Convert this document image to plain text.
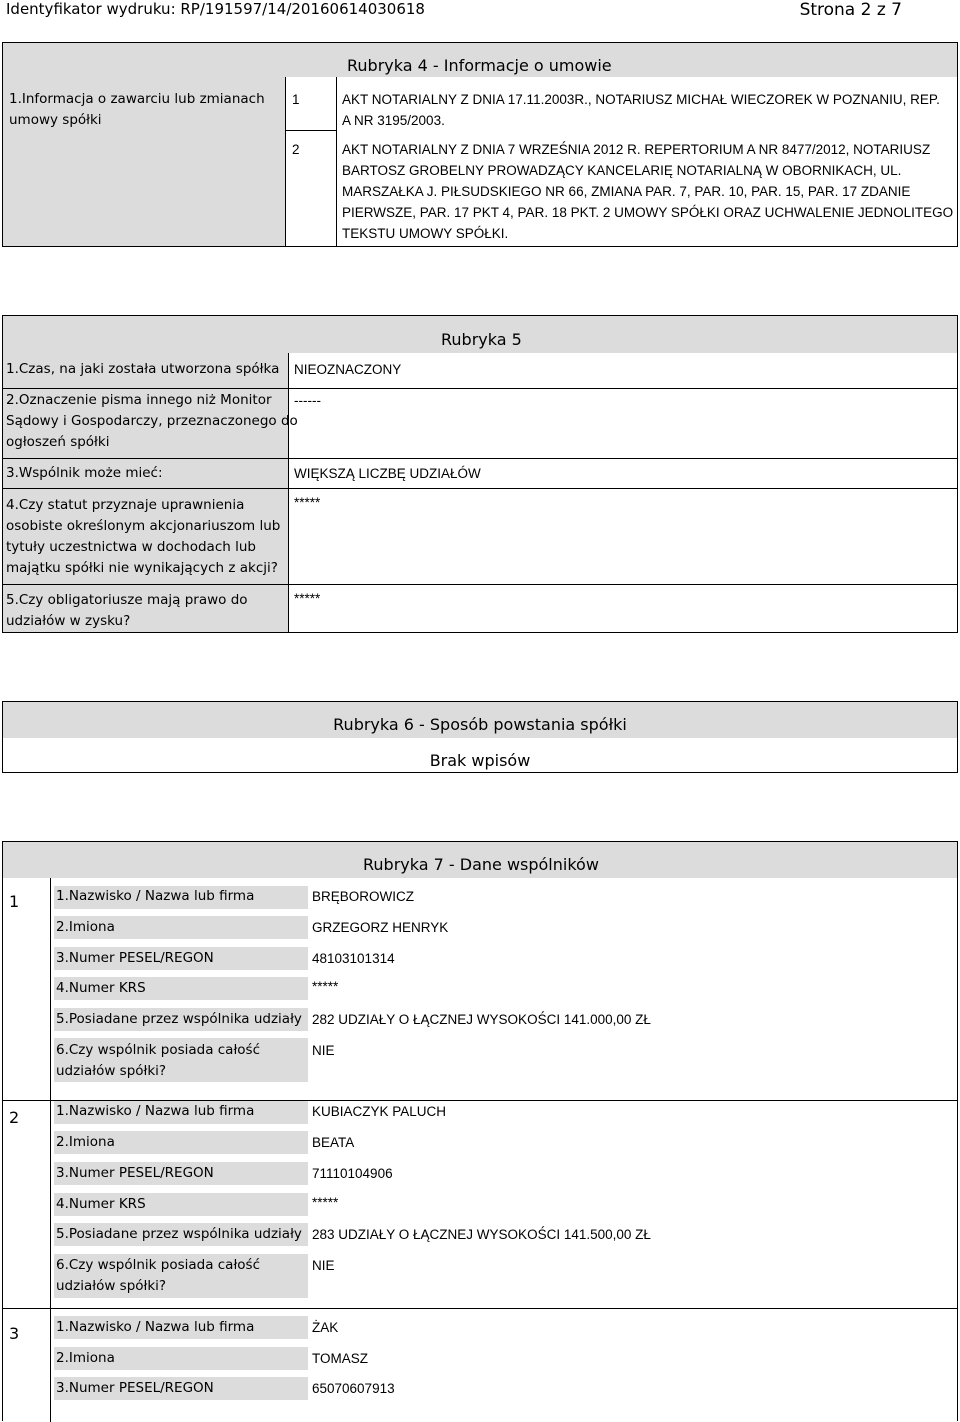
Identyfikator wydruku: RP/191597/14/20160614030618	Strona 2 z 7
Rubryka 4 - Informacje o umowie
1.Informacja o zawarciu lub zmianach umowy spółki
1	AKT NOTARIALNY Z DNIA 17.11.2003R., NOTARIUSZ MICHAŁ WIECZOREK W POZNANIU, REP.
A NR 3195/2003.
2	AKT NOTARIALNY Z DNIA 7 WRZEŚNIA 2012 R. REPERTORIUM A NR 8477/2012, NOTARIUSZ
BARTOSZ GROBELNY PROWADZĄCY KANCELARIĘ NOTARIALNĄ W OBORNIKACH, UL.
MARSZAŁKA J. PIŁSUDSKIEGO NR 66, ZMIANA PAR. 7, PAR. 10, PAR. 15, PAR. 17 ZDANIE
PIERWSZE, PAR. 17 PKT 4, PAR. 18 PKT. 2 UMOWY SPÓŁKI ORAZ UCHWALENIE JEDNOLITEGO
TEKSTU UMOWY SPÓŁKI.
Rubryka 5
1.Czas, na jaki została utworzona spółka NIEOZNACZONY
2.Oznaczenie pisma innego niż Monitor
Sądowy i Gospodarczy, przeznaczonego do
ogłoszeń spółki
------
3.Wspólnik może mieć:	WIĘKSZĄ LICZBĘ UDZIAŁÓW
4.Czy statut przyznaje uprawnienia
osobiste określonym akcjonariuszom lub
tytuły uczestnictwa w dochodach lub
majątku spółki nie wynikających z akcji?
*****
5.Czy obligatoriusze mają prawo do
udziałów w zysku?
*****
Rubryka 6 - Sposób powstania spółki
Brak wpisów
Rubryka 7 - Dane wspólników
1	1.Nazwisko / Nazwa lub firma	BRĘBOROWICZ
2.Imiona	GRZEGORZ HENRYK
3.Numer PESEL/REGON	48103101314
4.Numer KRS	*****
5.Posiadane przez wspólnika udziały 282 UDZIAŁY O ŁĄCZNEJ WYSOKOŚCI 141.000,00 ZŁ
6.Czy wspólnik posiada całość
udziałów spółki?
NIE
2	1.Nazwisko / Nazwa lub firma	KUBIACZYK PALUCH
2.Imiona	BEATA
3.Numer PESEL/REGON	71110104906
4.Numer KRS	*****
5.Posiadane przez wspólnika udziały 283 UDZIAŁY O ŁĄCZNEJ WYSOKOŚCI 141.500,00 ZŁ
6.Czy wspólnik posiada całość
udziałów spółki?
NIE
3	1.Nazwisko / Nazwa lub firma	ŻAK
2.Imiona	TOMASZ
3.Numer PESEL/REGON	65070607913
